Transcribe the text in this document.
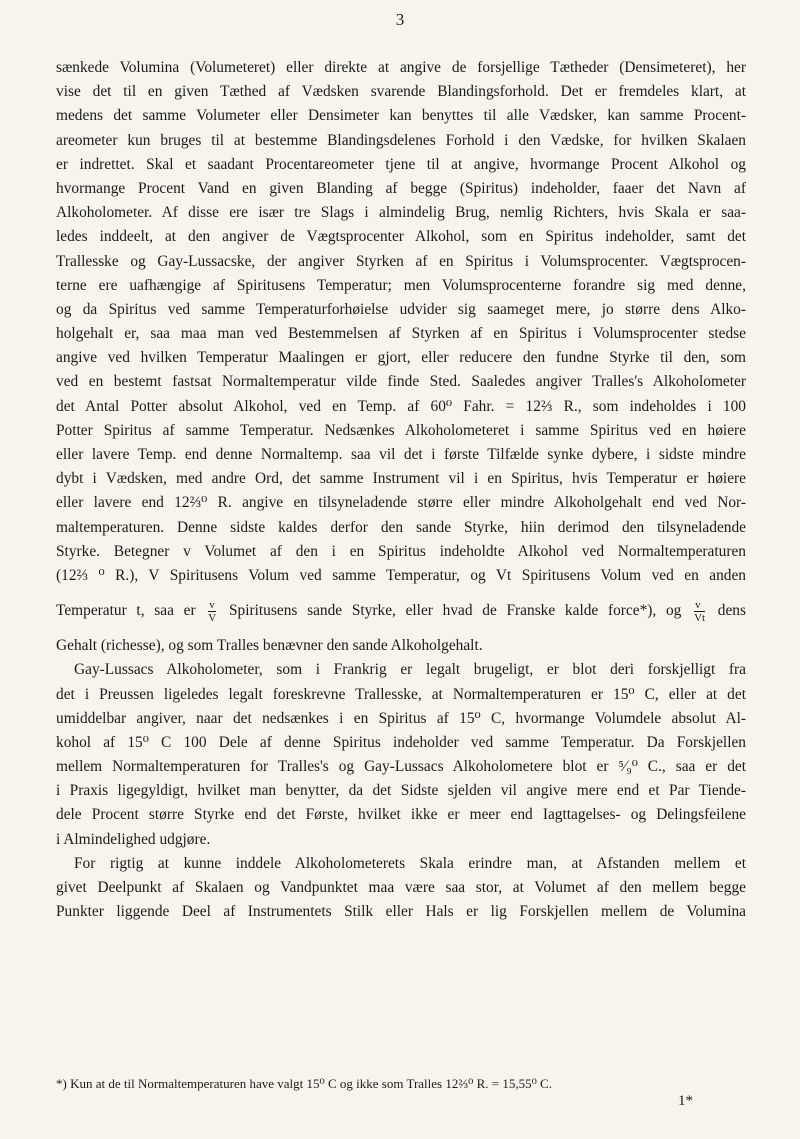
3
sænkede Volumina (Volumeteret) eller direkte at angive de forsjellige Tætheder (Densimeteret), her
vise det til en given Tæthed af Vædsken svarende Blandingsforhold. Det er fremdeles klart, at
medens det samme Volumeter eller Densimeter kan benyttes til alle Vædsker, kan samme Procent-
areometer kun bruges til at bestemme Blandingsdelenes Forhold i den Vædske, for hvilken Skalaen
er indrettet. Skal et saadant Procentareometer tjene til at angive, hvormange Procent Alkohol og
hvormange Procent Vand en given Blanding af begge (Spiritus) indeholder, faaer det Navn af
Alkoholometer. Af disse ere især tre Slags i almindelig Brug, nemlig Richters, hvis Skala er saa-
ledes inddeelt, at den angiver de Vægtsprocenter Alkohol, som en Spiritus indeholder, samt det
Trallesske og Gay-Lussacske, der angiver Styrken af en Spiritus i Volumsprocenter. Vægtsprocen-
terne ere uafhængige af Spiritusens Temperatur; men Volumsprocenterne forandre sig med denne,
og da Spiritus ved samme Temperaturforhøielse udvider sig saameget mere, jo større dens Alko-
holgehalt er, saa maa man ved Bestemmelsen af Styrken af en Spiritus i Volumsprocenter stedse
angive ved hvilken Temperatur Maalingen er gjort, eller reducere den fundne Styrke til den, som
ved en bestemt fastsat Normaltemperatur vilde finde Sted. Saaledes angiver Tralles's Alkoholometer
det Antal Potter absolut Alkohol, ved en Temp. af 60⁰ Fahr. = 12⅔ R., som indeholdes i 100
Potter Spiritus af samme Temperatur. Nedsænkes Alkoholometeret i samme Spiritus ved en høiere
eller lavere Temp. end denne Normaltemp. saa vil det i første Tilfælde synke dybere, i sidste mindre
dybt i Vædsken, med andre Ord, det samme Instrument vil i en Spiritus, hvis Temperatur er høiere
eller lavere end 12⅔⁰ R. angive en tilsyneladende større eller mindre Alkoholgehalt end ved Nor-
maltemperaturen. Denne sidste kaldes derfor den sande Styrke, hiin derimod den tilsyneladende
Styrke. Betegner v Volumet af den i en Spiritus indeholdte Alkohol ved Normaltemperaturen
(12⅔ ⁰ R.), V Spiritusens Volum ved samme Temperatur, og Vt Spiritusens Volum ved en anden
Temperatur t, saa er $\frac{v}{V}$ Spiritusens sande Styrke, eller hvad de Franske kalde force*), og $\frac{v}{Vt}$ dens
Gehalt (richesse), og som Tralles benævner den sande Alkoholgehalt.
Gay-Lussacs Alkoholometer, som i Frankrig er legalt brugeligt, er blot deri forskjelligt fra
det i Preussen ligeledes legalt foreskrevne Trallesske, at Normaltemperaturen er 15⁰ C, eller at det
umiddelbar angiver, naar det nedsænkes i en Spiritus af 15⁰ C, hvormange Volumdele absolut Al-
kohol af 15⁰ C 100 Dele af denne Spiritus indeholder ved samme Temperatur. Da Forskjellen
mellem Normaltemperaturen for Tralles's og Gay-Lussacs Alkoholometere blot er ⁵⁄₉⁰ C., saa er det
i Praxis ligegyldigt, hvilket man benytter, da det Sidste sjelden vil angive mere end et Par Tiende-
dele Procent større Styrke end det Første, hvilket ikke er meer end Iagttagelses- og Delingsfeilene
i Almindelighed udgjøre.
For rigtig at kunne inddele Alkoholometerets Skala erindre man, at Afstanden mellem et
givet Deelpunkt af Skalaen og Vandpunktet maa være saa stor, at Volumet af den mellem begge
Punkter liggende Deel af Instrumentets Stilk eller Hals er lig Forskjellen mellem de Volumina
*) Kun at de til Normaltemperaturen have valgt 15⁰ C og ikke som Tralles 12⅔⁰ R. = 15,55⁰ C.
1*
